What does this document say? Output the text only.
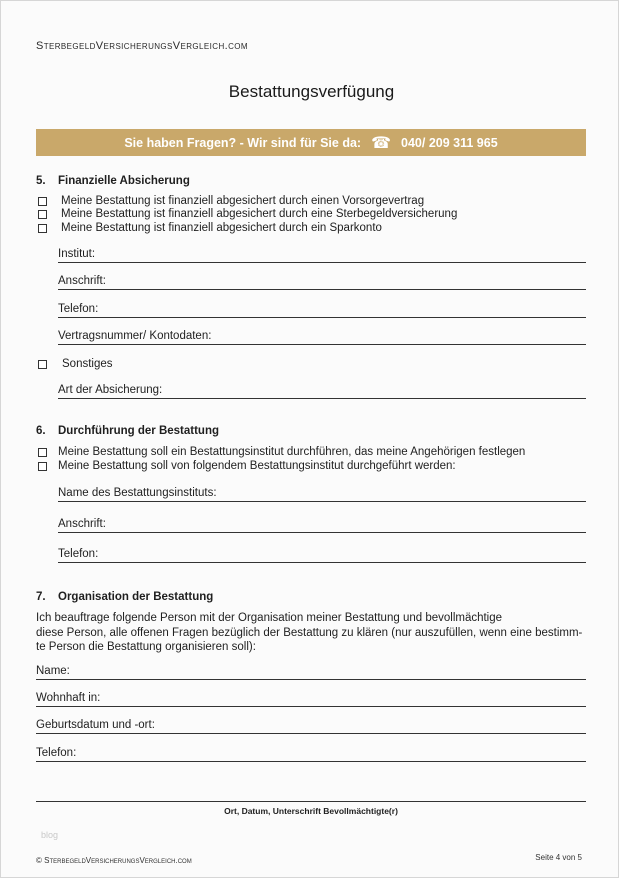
SterbegeldVersicherungsVergleich.com
Bestattungsverfügung
Sie haben Fragen? - Wir sind für Sie da: ☎ 040/ 209 311 965
5. Finanzielle Absicherung
Meine Bestattung ist finanziell abgesichert durch einen Vorsorgevertrag
Meine Bestattung ist finanziell abgesichert durch eine Sterbegeldversicherung
Meine Bestattung ist finanziell abgesichert durch ein Sparkonto
Institut:
Anschrift:
Telefon:
Vertragsnummer/ Kontodaten:
Sonstiges
Art der Absicherung:
6. Durchführung der Bestattung
Meine Bestattung soll ein Bestattungsinstitut durchführen, das meine Angehörigen festlegen
Meine Bestattung soll von folgendem Bestattungsinstitut durchgeführt werden:
Name des Bestattungsinstituts:
Anschrift:
Telefon:
7. Organisation der Bestattung
Ich beauftrage folgende Person mit der Organisation meiner Bestattung und bevollmächtige
diese Person, alle offenen Fragen bezüglich der Bestattung zu klären (nur auszufüllen, wenn eine bestimm-
te Person die Bestattung organisieren soll):
Name:
Wohnhaft in:
Geburtsdatum und -ort:
Telefon:
Ort, Datum, Unterschrift Bevollmächtigte(r)
blog
© SterbegeldVersicherungsVergleich.com	Seite 4 von 5
